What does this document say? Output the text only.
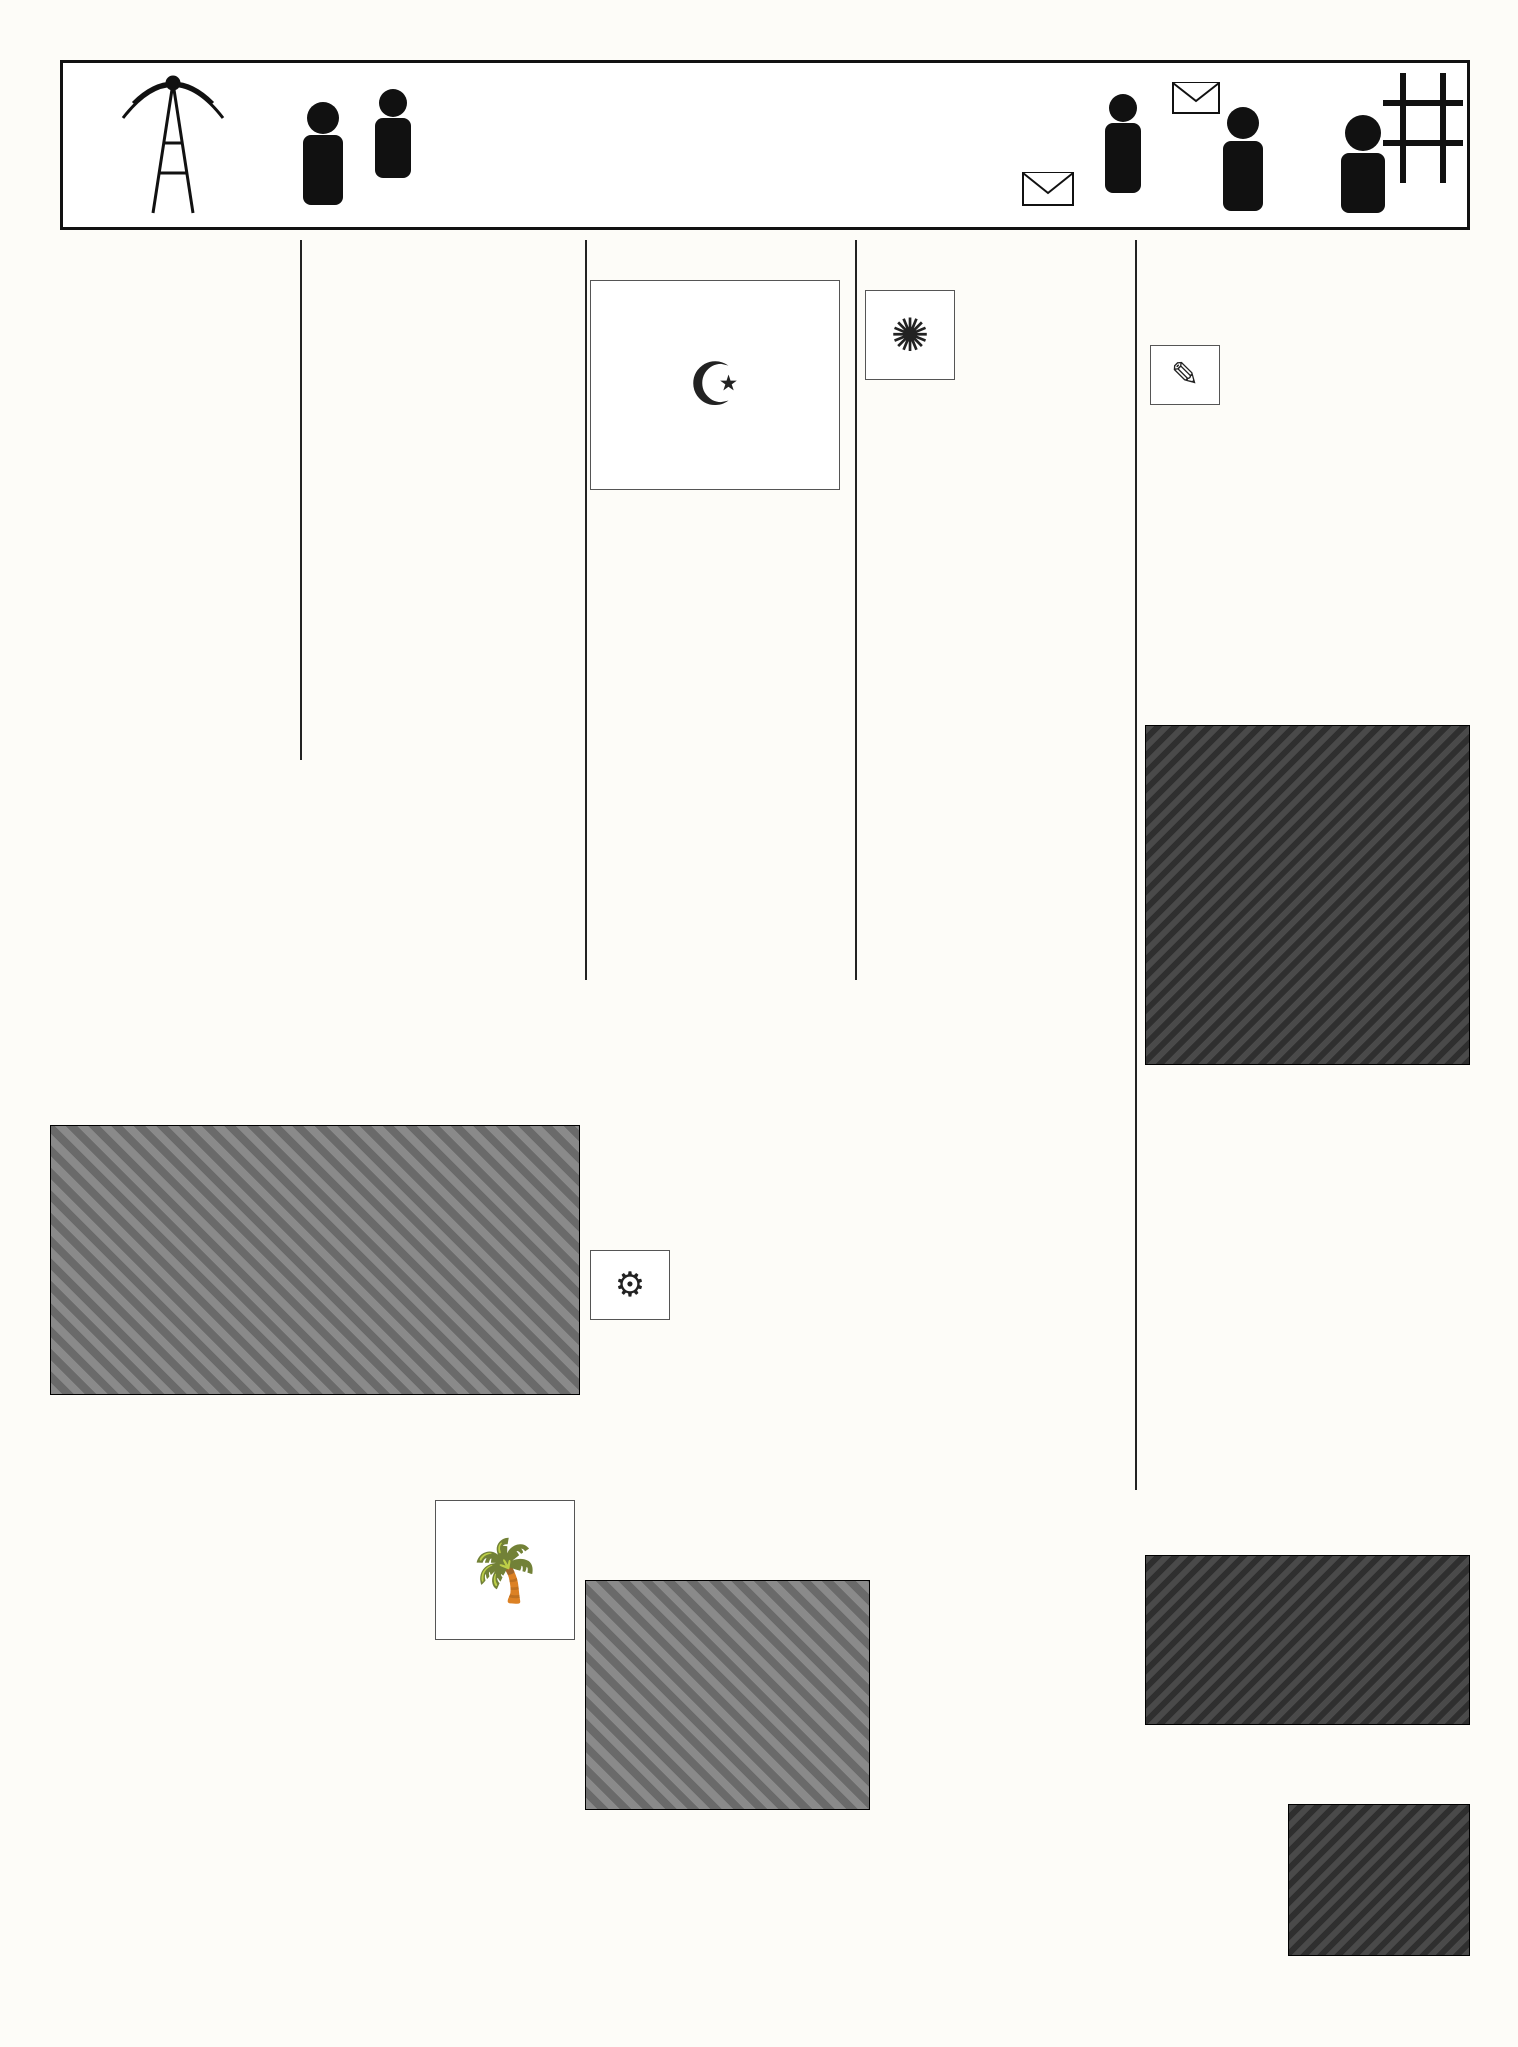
✎
☪
✺
⚙
🌴
